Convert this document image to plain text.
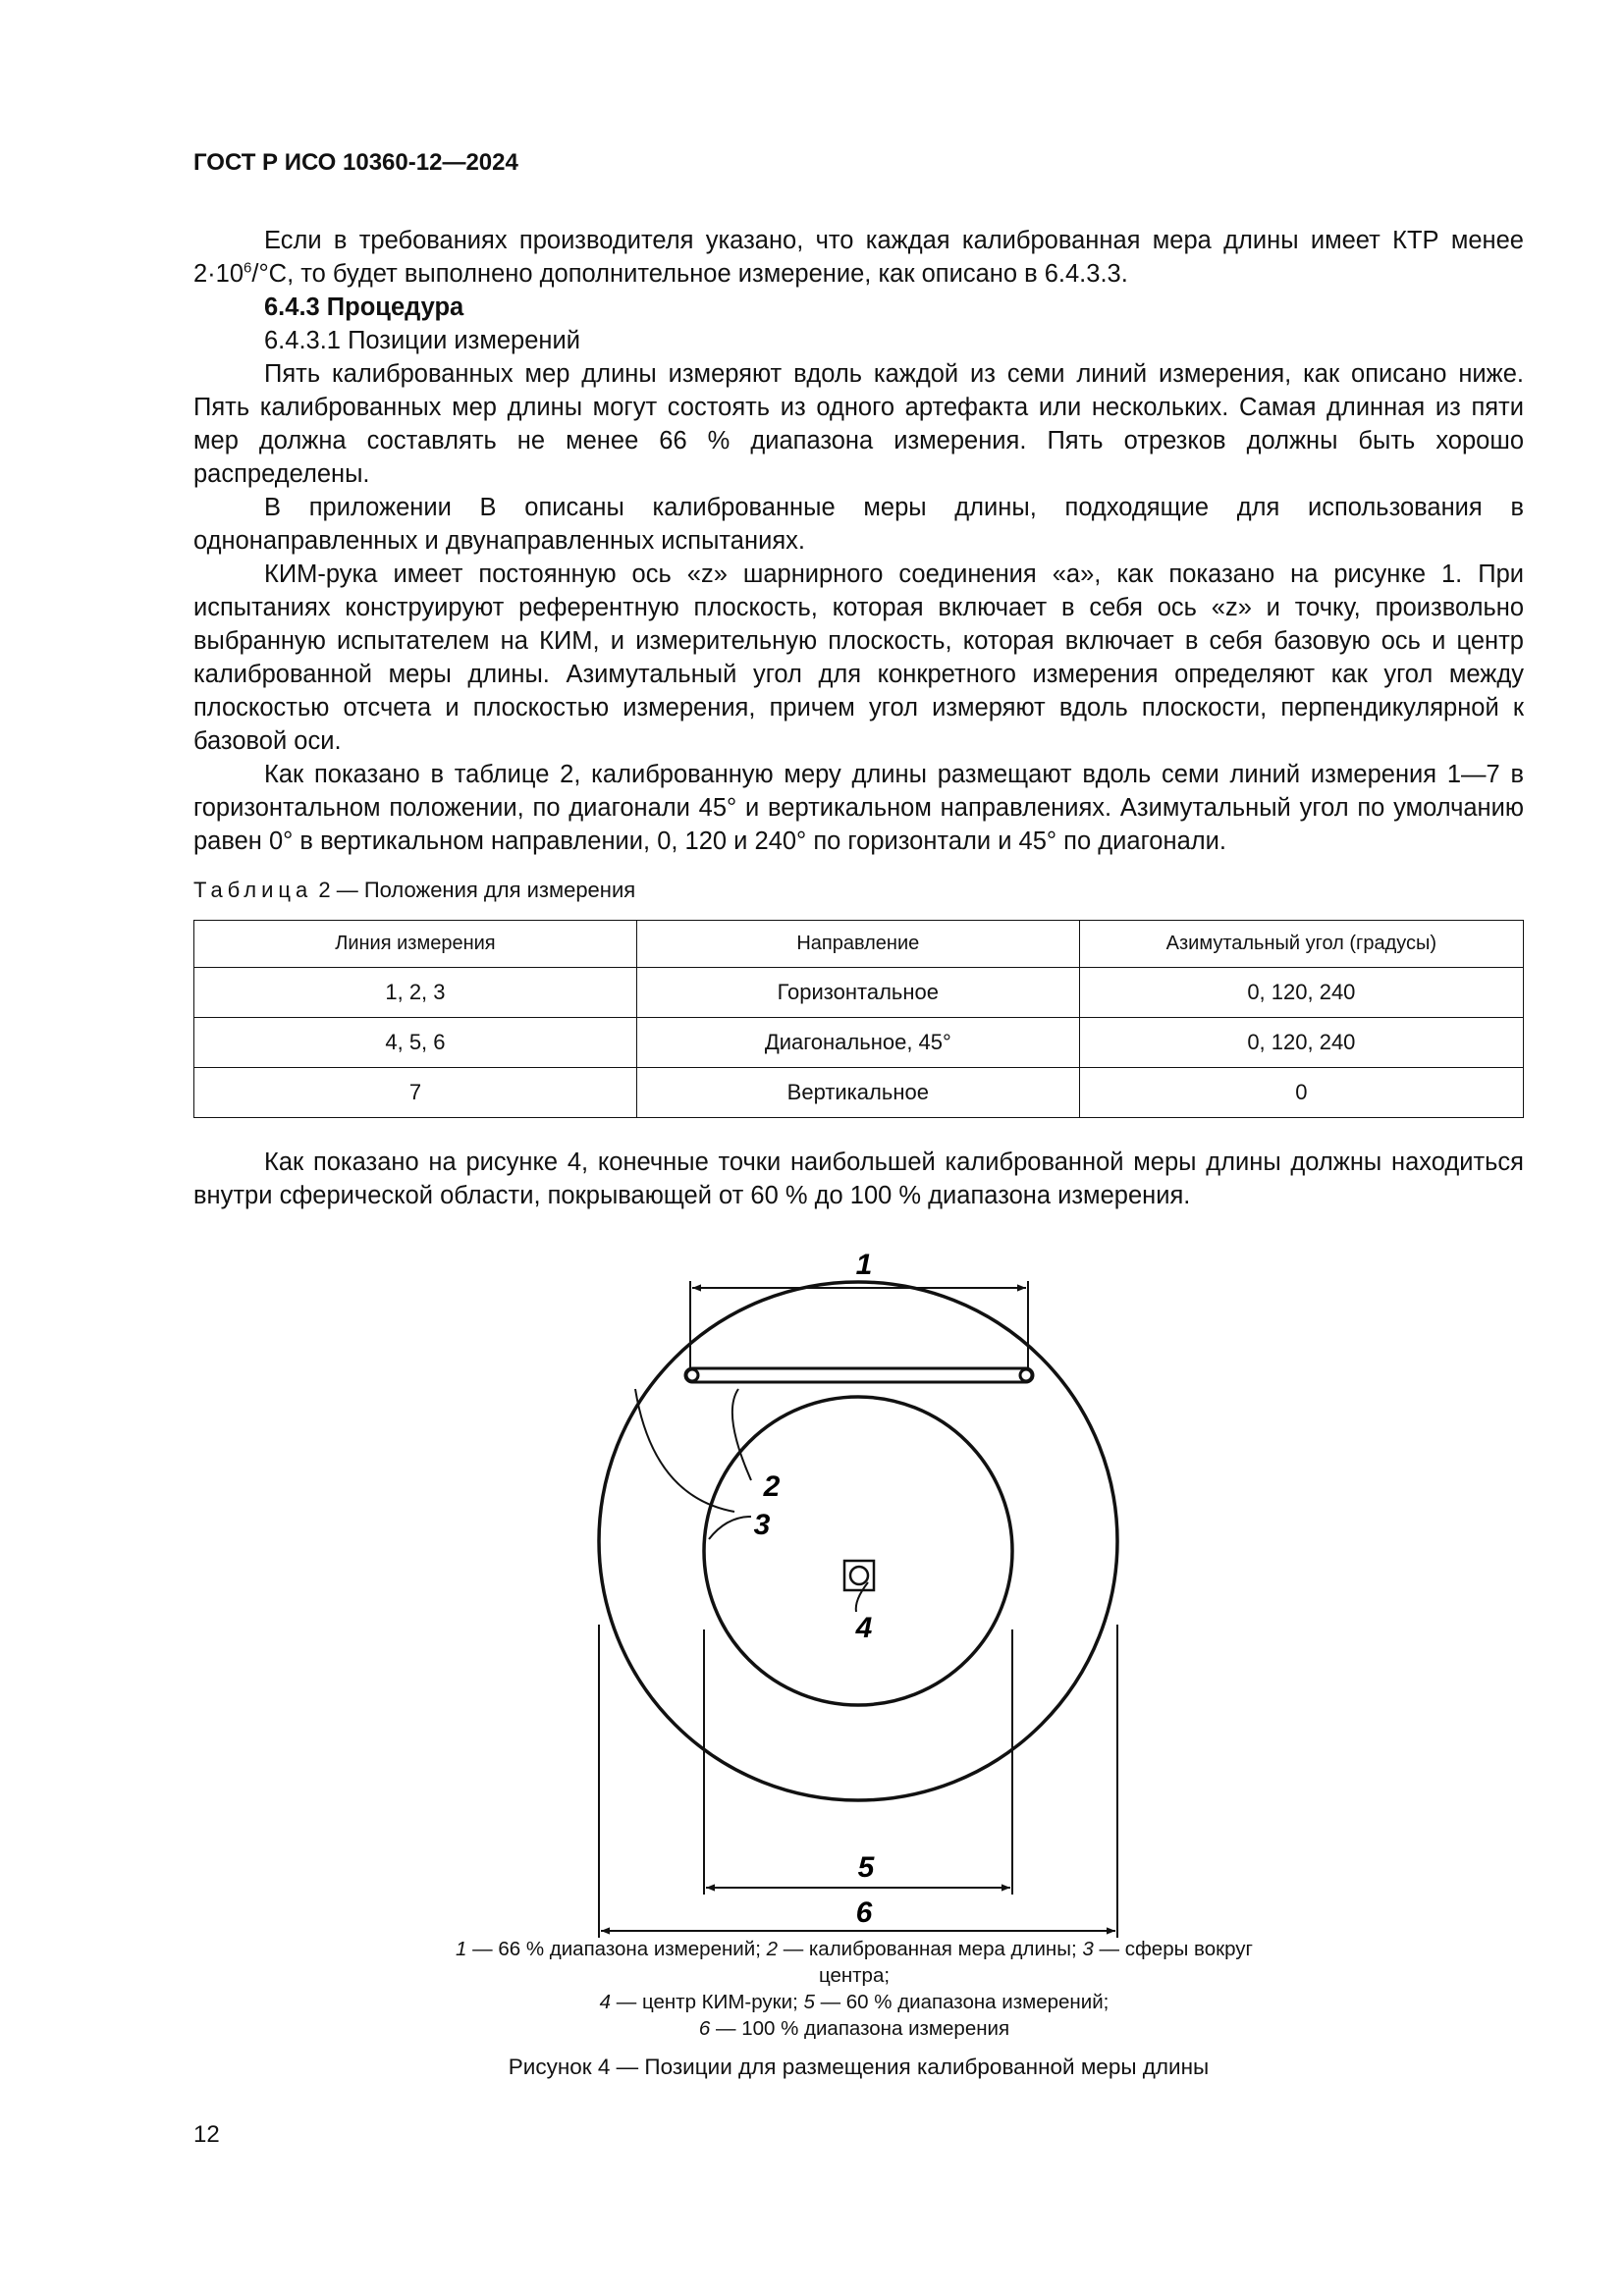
ГОСТ Р ИСО 10360-12—2024

Если в требованиях производителя указано, что каждая калиброванная мера длины имеет КТР менее $2\cdot 10^6/^\circ С$, то будет выполнено дополнительное измерение, как описано в 6.4.3.3.

6.4.3 Процедура

6.4.3.1 Позиции измерений

Пять калиброванных мер длины измеряют вдоль каждой из семи линий измерения, как описано ниже. Пять калиброванных мер длины могут состоять из одного артефакта или нескольких. Самая длинная из пяти мер должна составлять не менее 66 % диапазона измерения. Пять отрезков должны быть хорошо распределены.

В приложении В описаны калиброванные меры длины, подходящие для использования в однонаправленных и двунаправленных испытаниях.

КИМ-рука имеет постоянную ось «z» шарнирного соединения «a», как показано на рисунке 1. При испытаниях конструируют референтную плоскость, которая включает в себя ось «z» и точку, произвольно выбранную испытателем на КИМ, и измерительную плоскость, которая включает в себя базовую ось и центр калиброванной меры длины. Азимутальный угол для конкретного измерения определяют как угол между плоскостью отсчета и плоскостью измерения, причем угол измеряют вдоль плоскости, перпендикулярной к базовой оси.

Как показано в таблице 2, калиброванную меру длины размещают вдоль семи линий измерения 1—7 в горизонтальном положении, по диагонали 45° и вертикальном направлениях. Азимутальный угол по умолчанию равен 0° в вертикальном направлении, 0, 120 и 240° по горизонтали и 45° по диагонали.

Таблица 2 — Положения для измерения
Линия измерения	Направление	Азимутальный угол (градусы)
1, 2, 3	Горизонтальное	0, 120, 240
4, 5, 6	Диагональное, 45°	0, 120, 240
7	Вертикальное	0

Как показано на рисунке 4, конечные точки наибольшей калиброванной меры длины должны находиться внутри сферической области, покрывающей от 60 % до 100 % диапазона измерения.

1
2
3
4
5
6
1 — 66 % диапазона измерений; 2 — калиброванная мера длины; 3 — сферы вокруг центра;
4 — центр КИМ-руки; 5 — 60 % диапазона измерений;
6 — 100 % диапазона измерения
Рисунок 4 — Позиции для размещения калиброванной меры длины
12
